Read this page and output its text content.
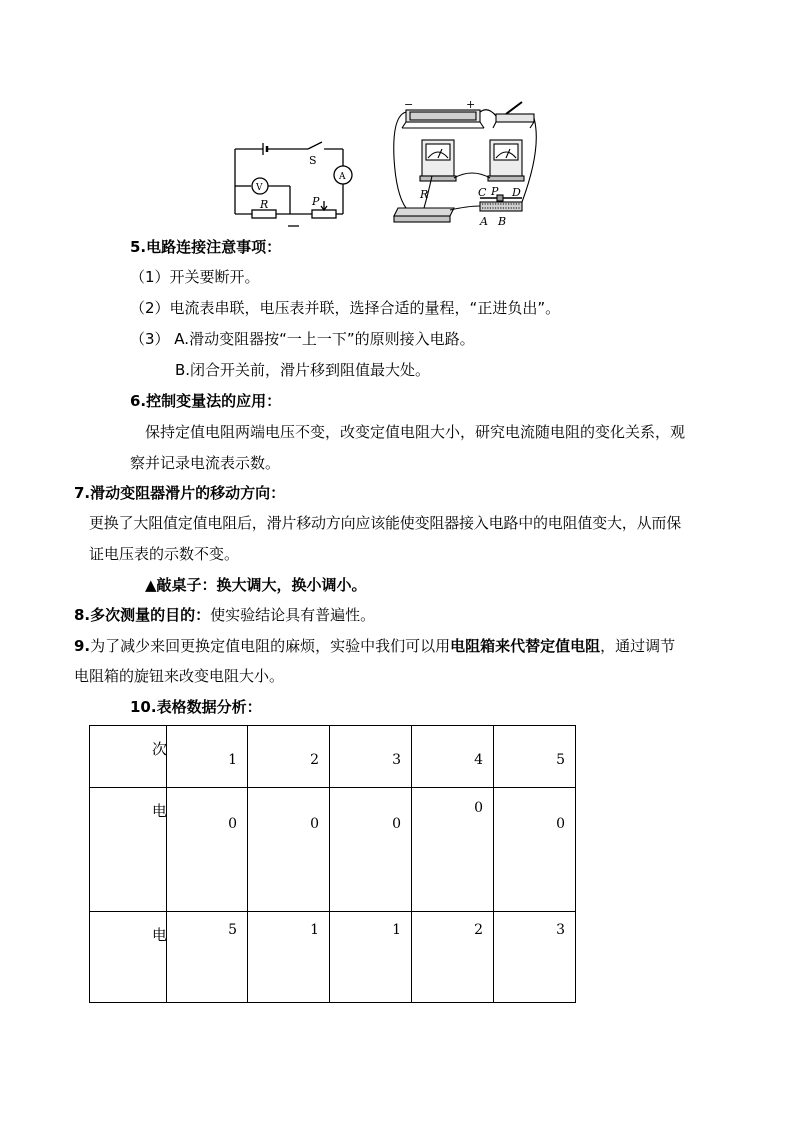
S
V
A
R	P
−	+
R	C P D
A B
5.电路连接注意事项：
（1）开关要断开。
（2）电流表串联，电压表并联，选择合适的量程，“正进负出”。
（3） A.滑动变阻器按“一上一下”的原则接入电路。
B.闭合开关前，滑片移到阻值最大处。
6.控制变量法的应用：
保持定值电阻两端电压不变，改变定值电阻大小，研究电流随电阻的变化关系，观
察并记录电流表示数。
7.滑动变阻器滑片的移动方向：
更换了大阻值定值电阻后，滑片移动方向应该能使变阻器接入电路中的电阻值变大，从而保
证电压表的示数不变。
▲敲桌子：换大调大，换小调小。
8.多次测量的目的：使实验结论具有普遍性。
9.为了减少来回更换定值电阻的麻烦，实验中我们可以用电阻箱来代替定值电阻，通过调节
电阻箱的旋钮来改变电阻大小。
10.表格数据分析：
次	1	2	3	4	5

电	0	0	0	0	0

电	5	1	1	2	3
